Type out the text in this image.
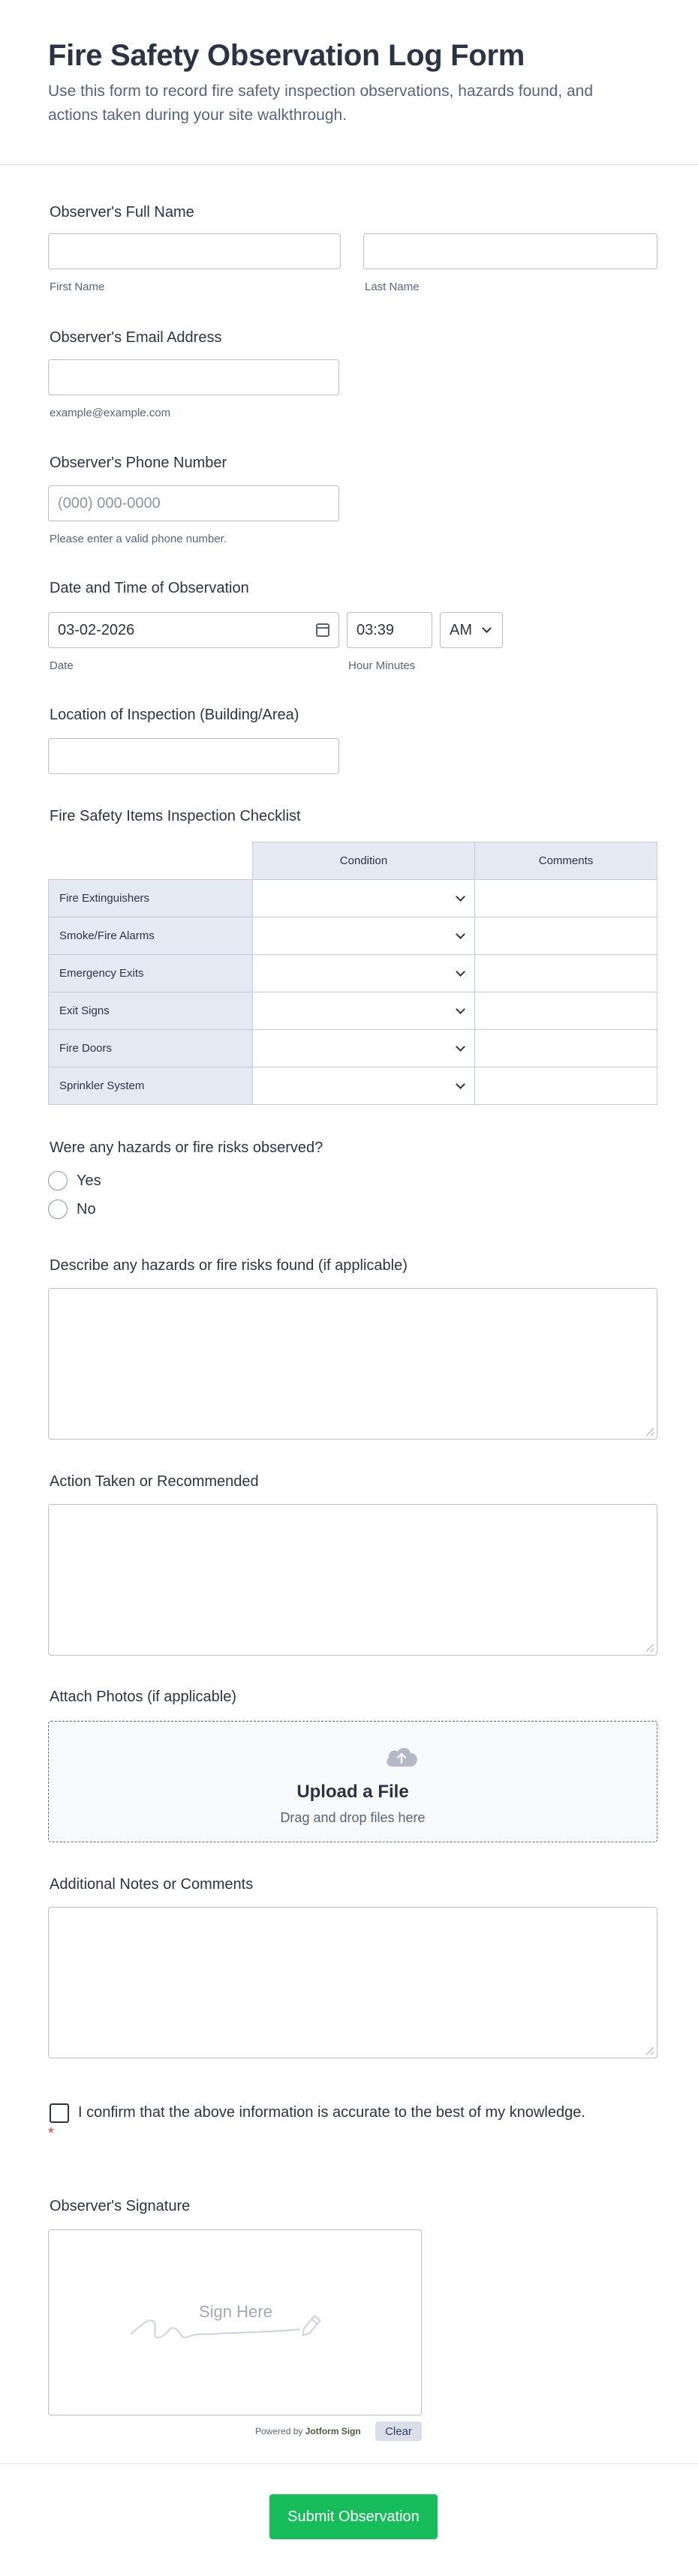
Fire Safety Observation Log Form

Use this form to record fire safety inspection observations, hazards found, and actions taken during your site walkthrough.

Observer's Full Name
First Name	Last Name
Observer's Email Address
example@example.com
Observer's Phone Number
(000) 000-0000
Please enter a valid phone number.
Date and Time of Observation
03-02-2026	03:39	AM
Date	Hour Minutes
Location of Inspection (Building/Area)
Fire Safety Items Inspection Checklist
	Condition	Comments
Fire Extinguishers	

Smoke/Fire Alarms	

Emergency Exits	

Exit Signs	

Fire Doors	

Sprinkler System	

Were any hazards or fire risks observed?
Yes
No
Describe any hazards or fire risks found (if applicable)
Action Taken or Recommended
Attach Photos (if applicable)
Upload a File
Drag and drop files here
Additional Notes or Comments
I confirm that the above information is accurate to the best of my knowledge. *
Observer's Signature
Sign Here
Powered by Jotform Sign	Clear
Submit Observation
